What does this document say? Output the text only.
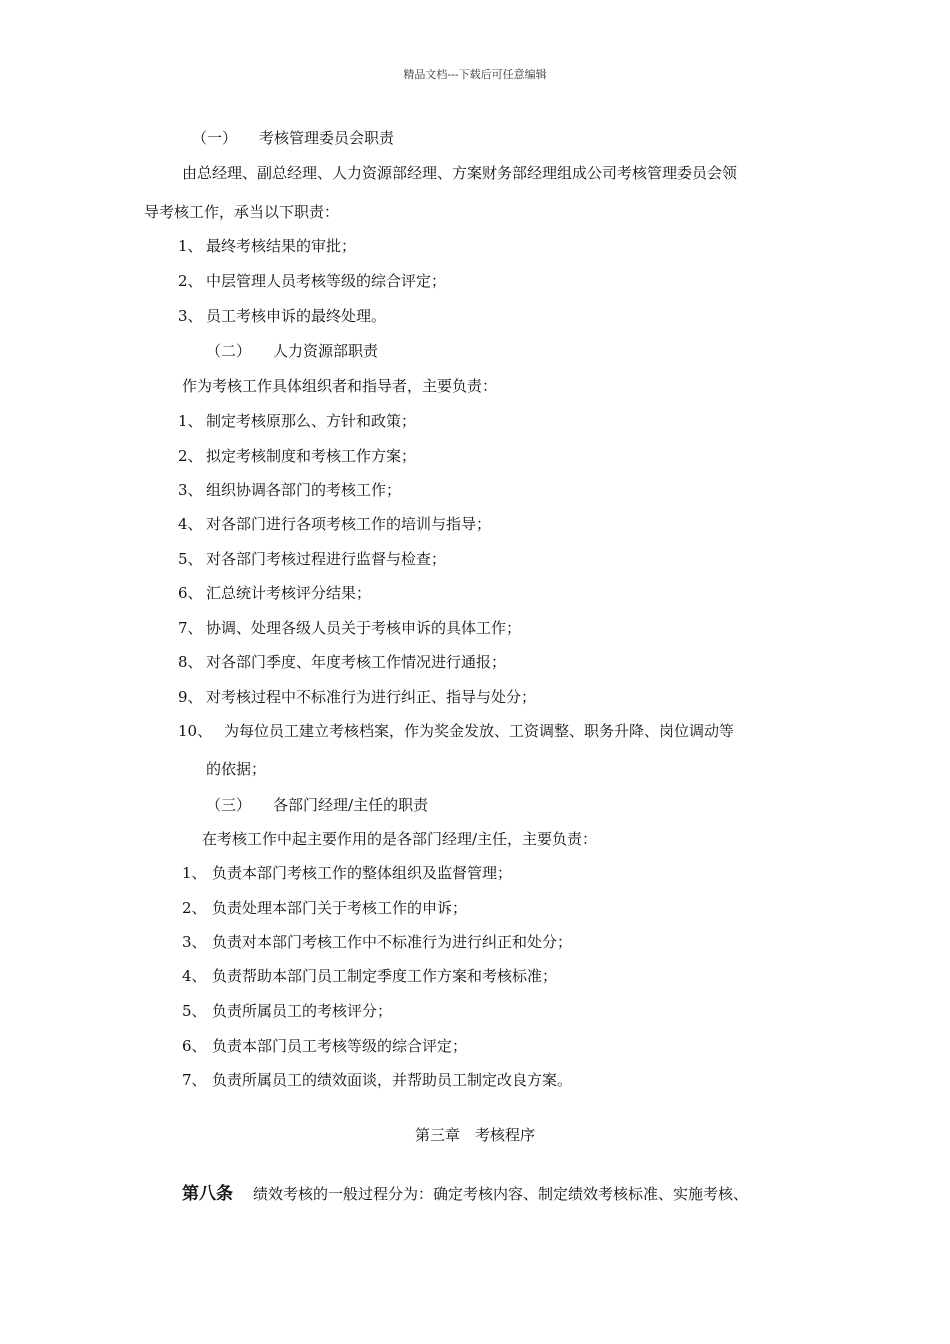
精品文档---下载后可任意编辑
（一） 考核管理委员会职责
由总经理、副总经理、人力资源部经理、方案财务部经理组成公司考核管理委员会领
导考核工作，承当以下职责：
1、 最终考核结果的审批；
2、 中层管理人员考核等级的综合评定；
3、 员工考核申诉的最终处理。
（二） 人力资源部职责
作为考核工作具体组织者和指导者，主要负责：
1、 制定考核原那么、方针和政策；
2、 拟定考核制度和考核工作方案；
3、 组织协调各部门的考核工作；
4、 对各部门进行各项考核工作的培训与指导；
5、 对各部门考核过程进行监督与检查；
6、 汇总统计考核评分结果；
7、 协调、处理各级人员关于考核申诉的具体工作；
8、 对各部门季度、年度考核工作情况进行通报；
9、 对考核过程中不标准行为进行纠正、指导与处分；
10、 为每位员工建立考核档案，作为奖金发放、工资调整、职务升降、岗位调动等
的依据；
（三） 各部门经理/主任的职责
在考核工作中起主要作用的是各部门经理/主任，主要负责：
1、 负责本部门考核工作的整体组织及监督管理；
2、 负责处理本部门关于考核工作的申诉；
3、 负责对本部门考核工作中不标准行为进行纠正和处分；
4、 负责帮助本部门员工制定季度工作方案和考核标准；
5、 负责所属员工的考核评分；
6、 负责本部门员工考核等级的综合评定；
7、 负责所属员工的绩效面谈，并帮助员工制定改良方案。
第三章　考核程序
第八条 绩效考核的一般过程分为：确定考核内容、制定绩效考核标准、实施考核、
